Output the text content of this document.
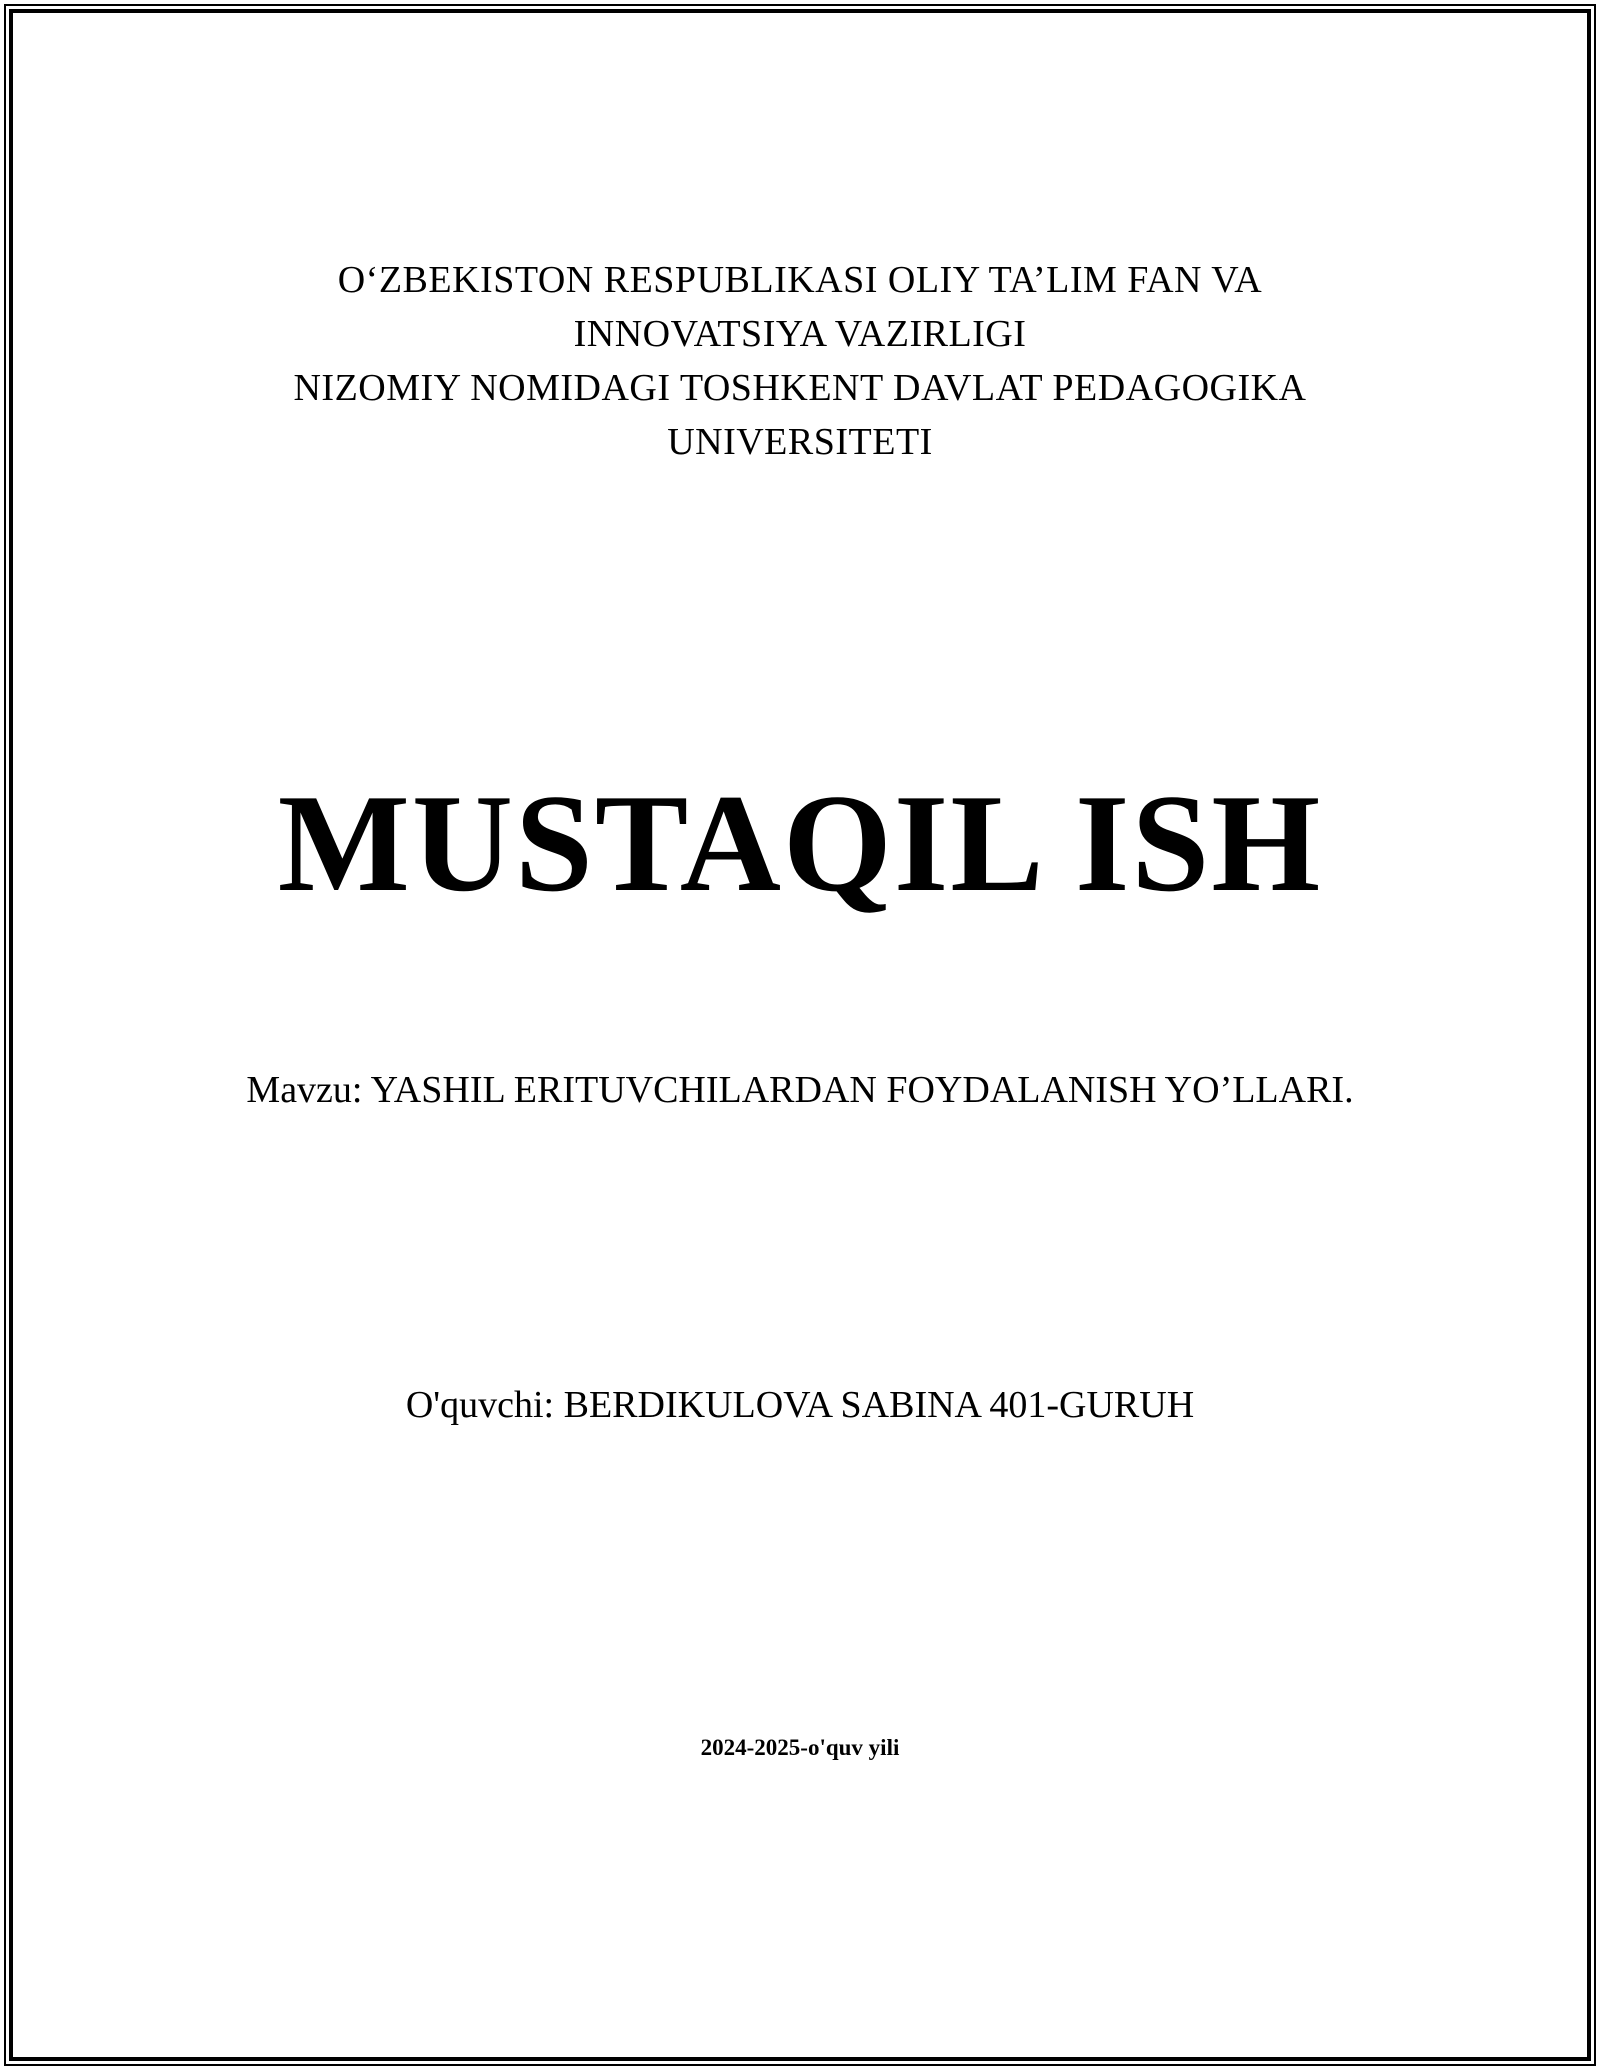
O‘ZBEKISTON RESPUBLIKASI OLIY TA’LIM FAN VA
INNOVATSIYA VAZIRLIGI
NIZOMIY NOMIDAGI TOSHKENT DAVLAT PEDAGOGIKA
UNIVERSITETI
MUSTAQIL ISH
Mavzu: YASHIL ERITUVCHILARDAN FOYDALANISH YO’LLARI.
O'quvchi: BERDIKULOVA SABINA 401-GURUH
2024-2025-o'quv yili
